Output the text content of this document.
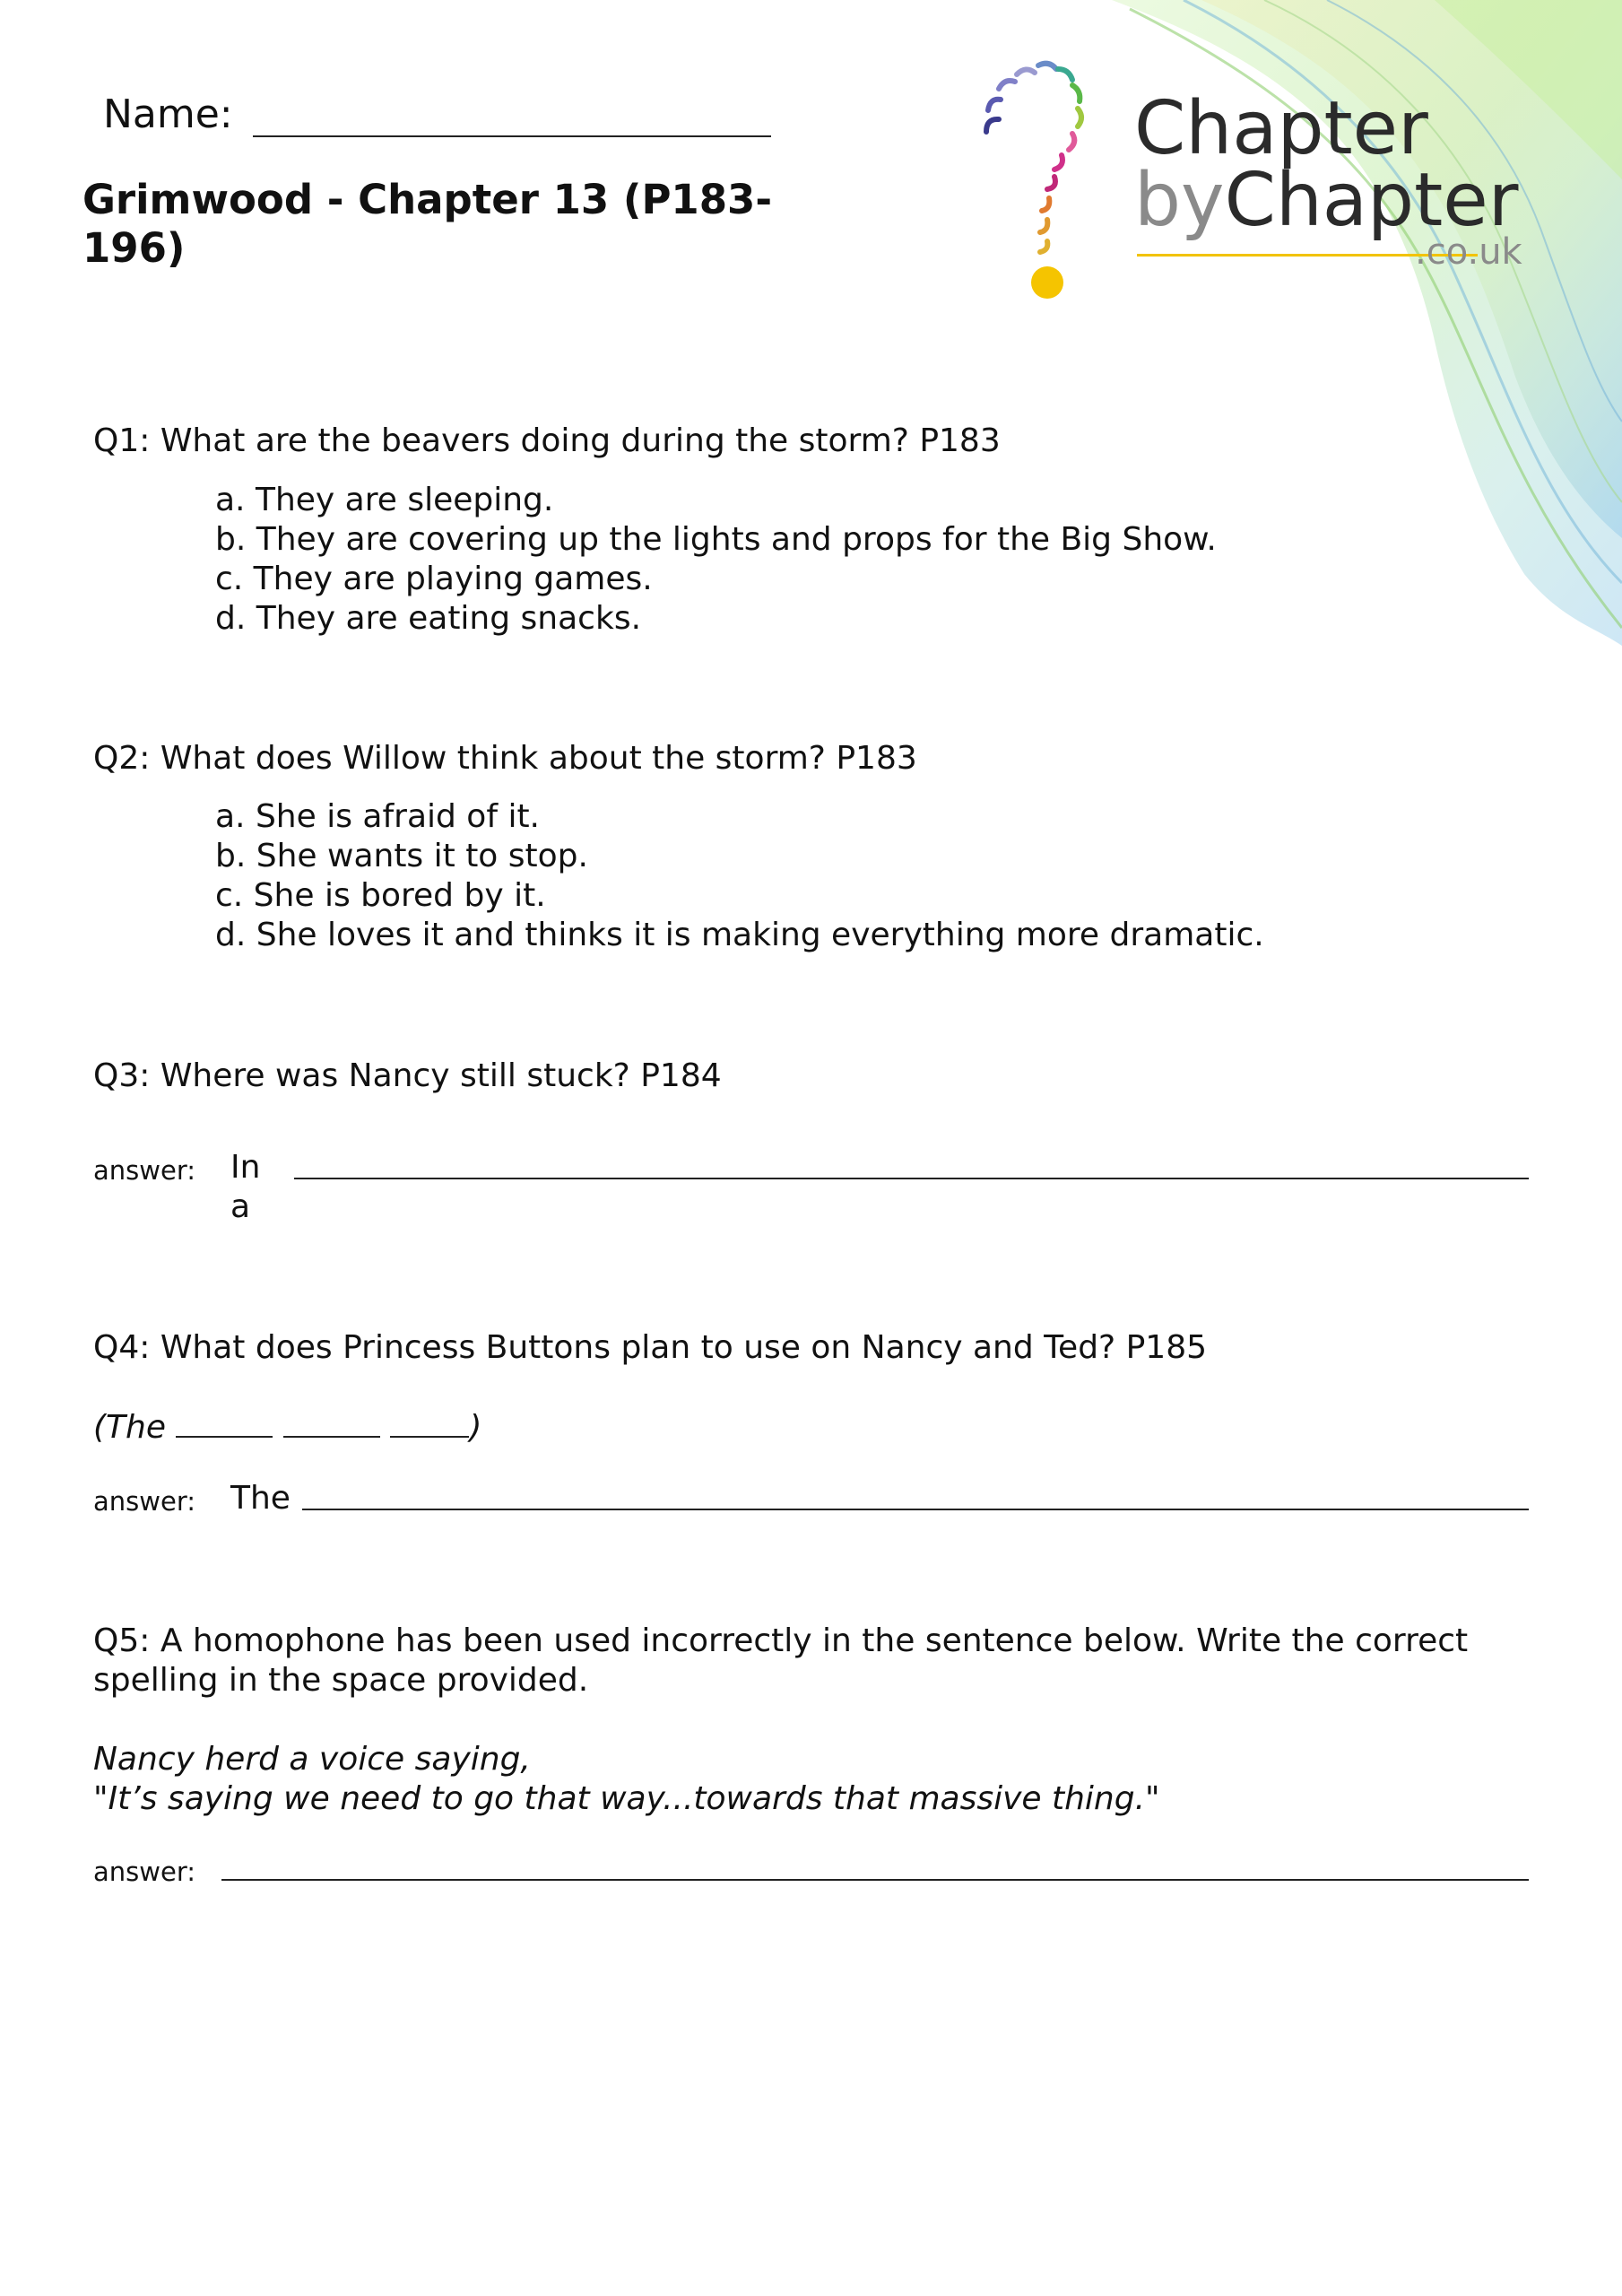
Name:
Grimwood - Chapter 13 (P183-196)
Chapter
byChapter
.co.uk
Q1: What are the beavers doing during the storm? P183
a. They are sleeping.
b. They are covering up the lights and props for the Big Show.
c. They are playing games.
d. They are eating snacks.
Q2: What does Willow think about the storm? P183
a. She is afraid of it.
b. She wants it to stop.
c. She is bored by it.
d. She loves it and thinks it is making everything more dramatic.
Q3: Where was Nancy still stuck? P184
answer: In
a
Q4: What does Princess Buttons plan to use on Nancy and Ted? P185
(The	)
answer: The
Q5: A homophone has been used incorrectly in the sentence below. Write the correct
spelling in the space provided.
Nancy herd a voice saying,
"It’s saying we need to go that way...towards that massive thing."
answer:
